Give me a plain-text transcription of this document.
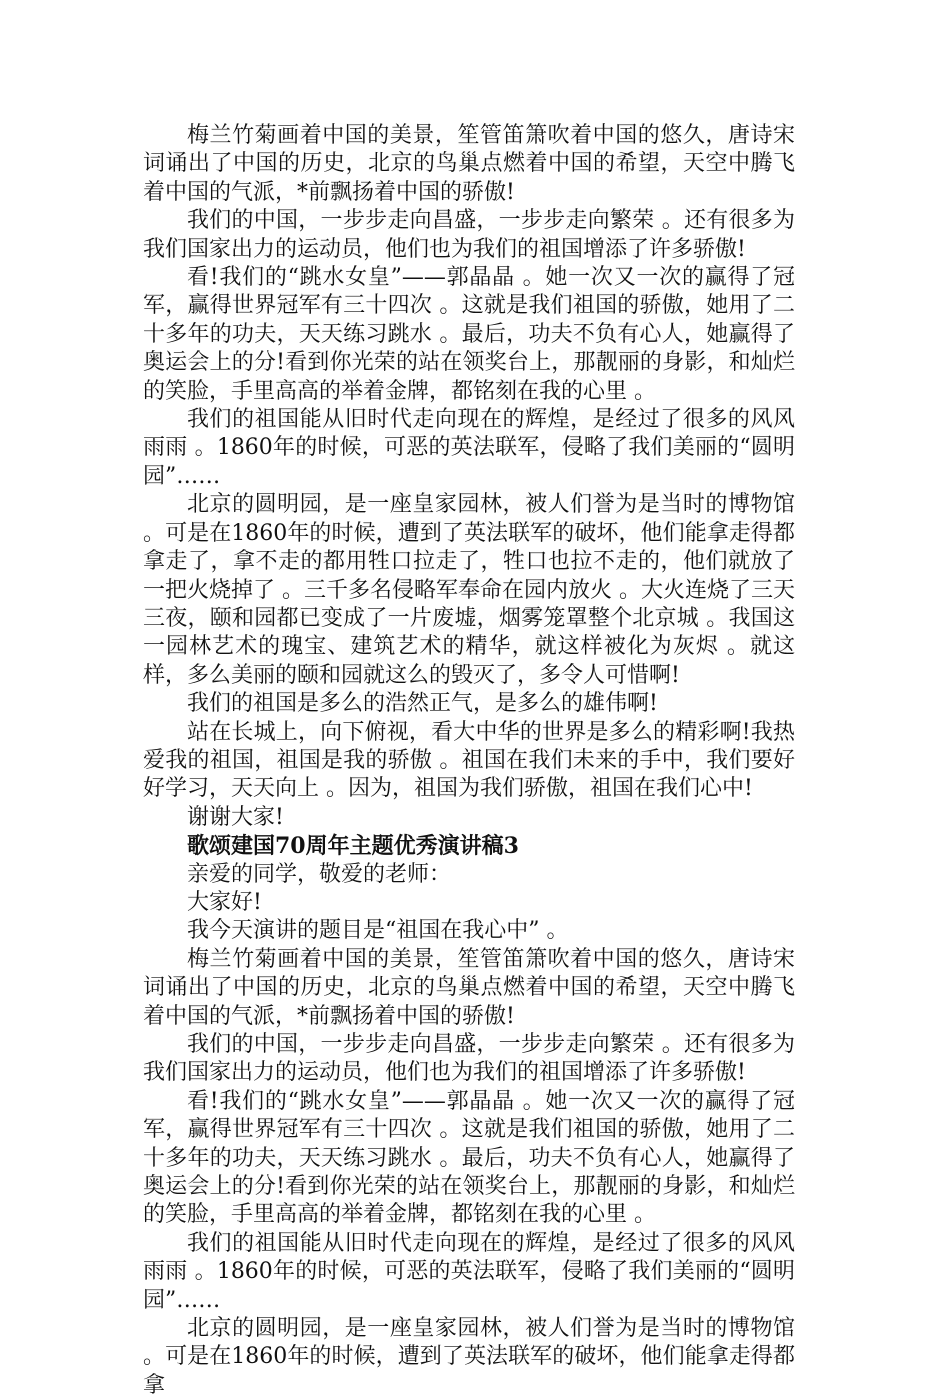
梅兰竹菊画着中国的美景，笙管笛箫吹着中国的悠久，唐诗宋词诵出了中国的历史，北京的鸟巢点燃着中国的希望，天空中腾飞着中国的气派，*前飘扬着中国的骄傲!

我们的中国，一步步走向昌盛，一步步走向繁荣 。还有很多为我们国家出力的运动员，他们也为我们的祖国增添了许多骄傲!

看!我们的“跳水女皇”——郭晶晶 。她一次又一次的赢得了冠军，赢得世界冠军有三十四次 。这就是我们祖国的骄傲，她用了二十多年的功夫，天天练习跳水 。最后，功夫不负有心人，她赢得了奥运会上的分!看到你光荣的站在领奖台上，那靓丽的身影，和灿烂的笑脸，手里高高的举着金牌，都铭刻在我的心里 。

我们的祖国能从旧时代走向现在的辉煌，是经过了很多的风风雨雨 。1860年的时候，可恶的英法联军，侵略了我们美丽的“圆明园”……

北京的圆明园，是一座皇家园林，被人们誉为是当时的博物馆 。可是在1860年的时候，遭到了英法联军的破坏，他们能拿走得都拿走了，拿不走的都用牲口拉走了，牲口也拉不走的，他们就放了一把火烧掉了 。三千多名侵略军奉命在园内放火 。大火连烧了三天三夜，颐和园都已变成了一片废墟，烟雾笼罩整个北京城 。我国这一园林艺术的瑰宝、建筑艺术的精华，就这样被化为灰烬 。就这样，多么美丽的颐和园就这么的毁灭了，多令人可惜啊!

我们的祖国是多么的浩然正气，是多么的雄伟啊!

站在长城上，向下俯视，看大中华的世界是多么的精彩啊!我热爱我的祖国，祖国是我的骄傲 。祖国在我们未来的手中，我们要好好学习，天天向上 。因为，祖国为我们骄傲，祖国在我们心中!

谢谢大家!

歌颂建国70周年主题优秀演讲稿3

亲爱的同学，敬爱的老师：

大家好!

我今天演讲的题目是“祖国在我心中” 。

梅兰竹菊画着中国的美景，笙管笛箫吹着中国的悠久，唐诗宋词诵出了中国的历史，北京的鸟巢点燃着中国的希望，天空中腾飞着中国的气派，*前飘扬着中国的骄傲!

我们的中国，一步步走向昌盛，一步步走向繁荣 。还有很多为我们国家出力的运动员，他们也为我们的祖国增添了许多骄傲!

看!我们的“跳水女皇”——郭晶晶 。她一次又一次的赢得了冠军，赢得世界冠军有三十四次 。这就是我们祖国的骄傲，她用了二十多年的功夫，天天练习跳水 。最后，功夫不负有心人，她赢得了奥运会上的分!看到你光荣的站在领奖台上，那靓丽的身影，和灿烂的笑脸，手里高高的举着金牌，都铭刻在我的心里 。

我们的祖国能从旧时代走向现在的辉煌，是经过了很多的风风雨雨 。1860年的时候，可恶的英法联军，侵略了我们美丽的“圆明园”……

北京的圆明园，是一座皇家园林，被人们誉为是当时的博物馆 。可是在1860年的时候，遭到了英法联军的破坏，他们能拿走得都拿
